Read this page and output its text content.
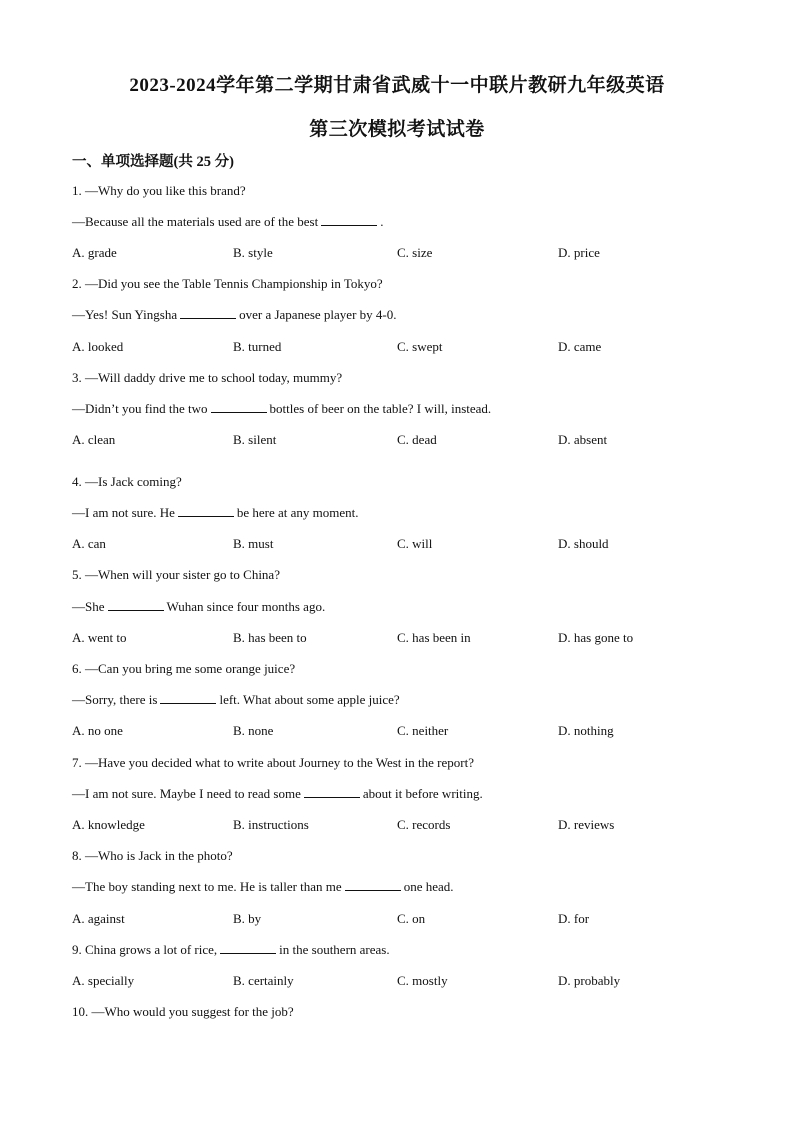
2023-2024学年第二学期甘肃省武威十一中联片教研九年级英语
第三次模拟考试试卷
一、单项选择题(共 25 分)
1. —Why do you like this brand?
—Because all the materials used are of the best	.
A. grade	B. style	C. size	D. price
2. —Did you see the Table Tennis Championship in Tokyo?
—Yes! Sun Yingsha	over a Japanese player by 4-0.
A. looked	B. turned	C. swept	D. came
3. —Will daddy drive me to school today, mummy?
—Didn’t you find the two	bottles of beer on the table? I will, instead.
A. clean	B. silent	C. dead	D. absent
4. —Is Jack coming?
—I am not sure. He	be here at any moment.
A. can	B. must	C. will	D. should
5. —When will your sister go to China?
—She	Wuhan since four months ago.
A. went to	B. has been to	C. has been in	D. has gone to
6. —Can you bring me some orange juice?
—Sorry, there is	left. What about some apple juice?
A. no one	B. none	C. neither	D. nothing
7. —Have you decided what to write about Journey to the West in the report?
—I am not sure. Maybe I need to read some	about it before writing.
A. knowledge	B. instructions	C. records	D. reviews
8. —Who is Jack in the photo?
—The boy standing next to me. He is taller than me	one head.
A. against	B. by	C. on	D. for
9. China grows a lot of rice,	in the southern areas.
A. specially	B. certainly	C. mostly	D. probably
10. —Who would you suggest for the job?
